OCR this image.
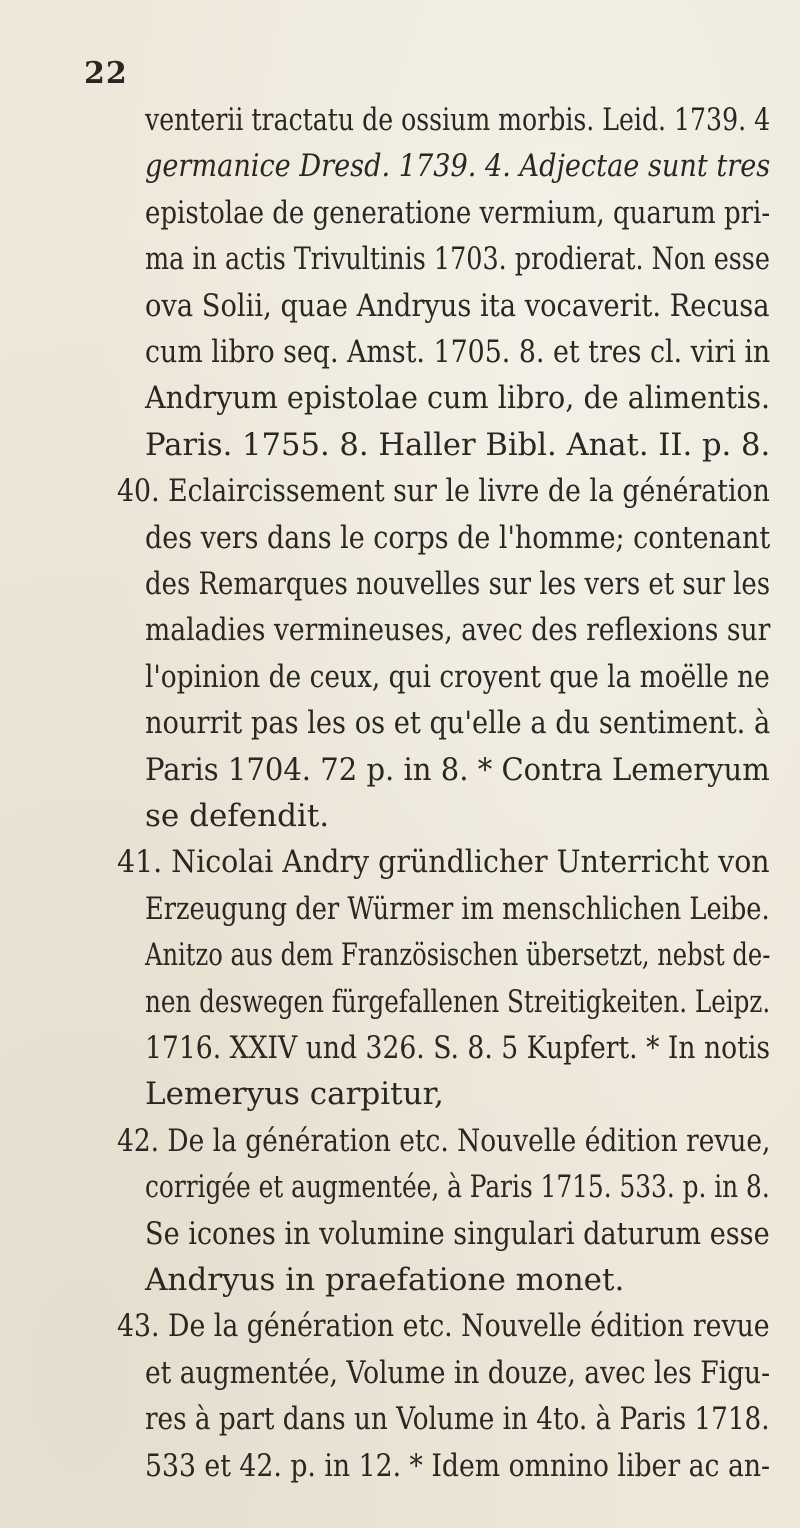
22
venterii tractatu de ossium morbis. Leid. 1739. 4
germanice Dresd. 1739. 4. Adjectae sunt tres
epistolae de generatione vermium, quarum pri-
ma in actis Trivultinis 1703. prodierat. Non esse
ova Solii, quae Andryus ita vocaverit. Recusa
cum libro seq. Amst. 1705. 8. et tres cl. viri in
Andryum epistolae cum libro, de alimentis.
Paris. 1755. 8. Haller Bibl. Anat. II. p. 8.
40. Eclaircissement sur le livre de la génération
des vers dans le corps de l'homme; contenant
des Remarques nouvelles sur les vers et sur les
maladies vermineuses, avec des reflexions sur
l'opinion de ceux, qui croyent que la moëlle ne
nourrit pas les os et qu'elle a du sentiment. à
Paris 1704. 72 p. in 8. * Contra Lemeryum
se defendit.
41. Nicolai Andry gründlicher Unterricht von
Erzeugung der Würmer im menschlichen Leibe.
Anitzo aus dem Französischen übersetzt, nebst de-
nen deswegen fürgefallenen Streitigkeiten. Leipz.
1716. XXIV und 326. S. 8. 5 Kupfert. * In notis
Lemeryus carpitur,
42. De la génération etc. Nouvelle édition revue,
corrigée et augmentée, à Paris 1715. 533. p. in 8.
Se icones in volumine singulari daturum esse
Andryus in praefatione monet.
43. De la génération etc. Nouvelle édition revue
et augmentée, Volume in douze, avec les Figu-
res à part dans un Volume in 4to. à Paris 1718.
533 et 42. p. in 12. * Idem omnino liber ac an-
